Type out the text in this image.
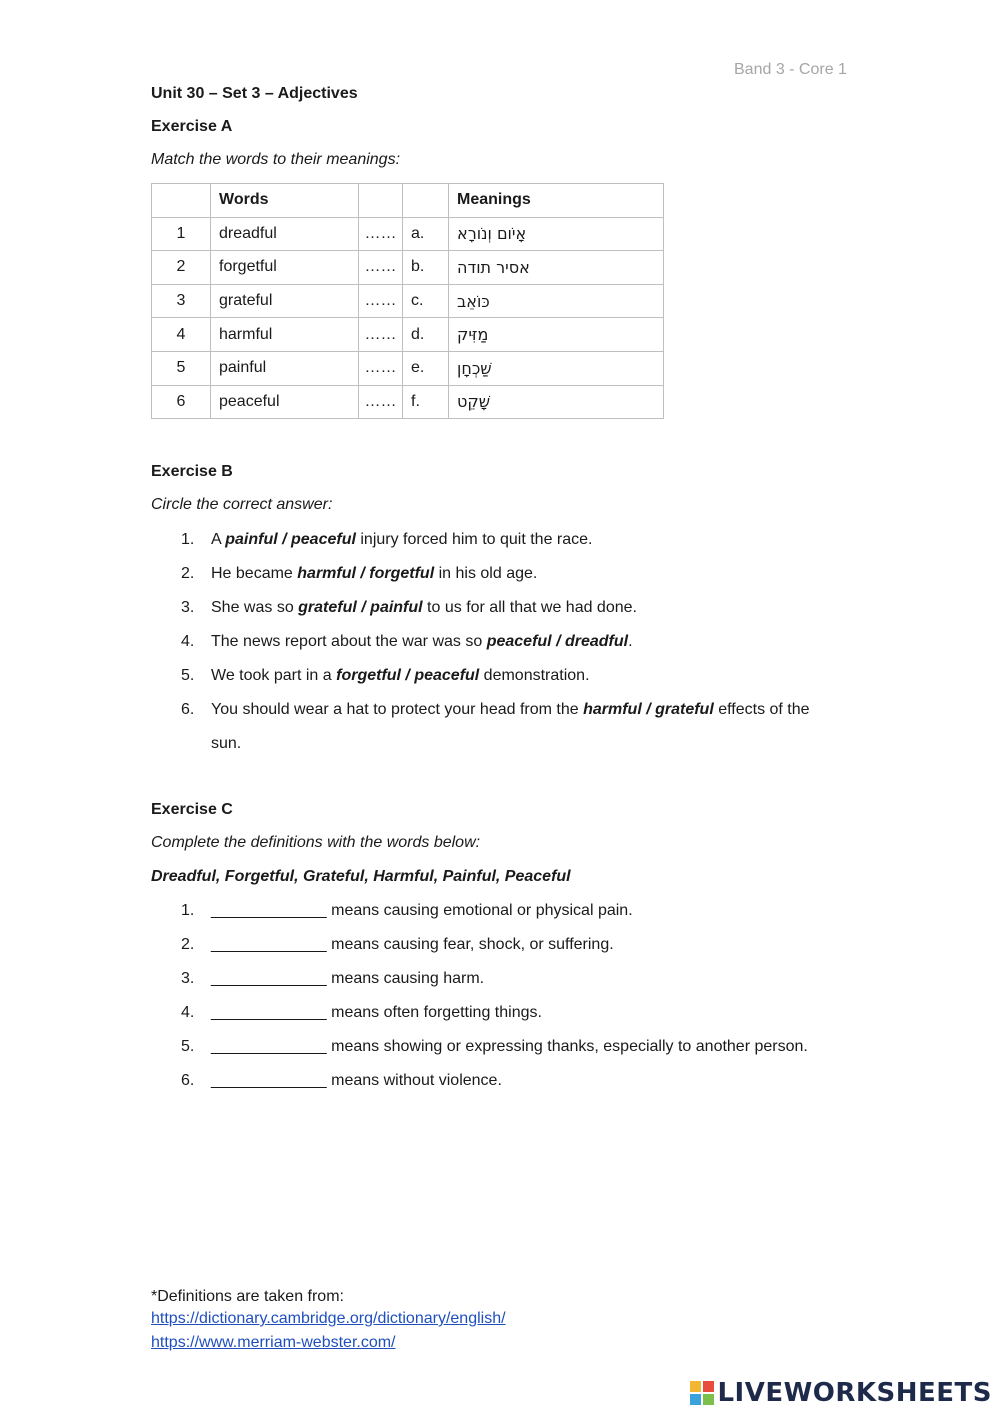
Band 3 - Core 1
Unit 30 – Set 3 – Adjectives
Exercise A
Match the words to their meanings:
	Words			Meanings
1	dreadful	……	a.	אָיֹום וְנֹורָא
2	forgetful	……	b.	אסיר תודה
3	grateful	……	c.	כּוֹאֵב
4	harmful	……	d.	מַזִּיק
5	painful	……	e.	שַׁכְחָן
6	peaceful	……	f.	שָׁקֵט
Exercise B
Circle the correct answer:
1. A painful / peaceful injury forced him to quit the race.
2. He became harmful / forgetful in his old age.
3. She was so grateful / painful to us for all that we had done.
4. The news report about the war was so peaceful / dreadful.
5. We took part in a forgetful / peaceful demonstration.
6. You should wear a hat to protect your head from the harmful / grateful effects of the sun.
Exercise C
Complete the definitions with the words below:
Dreadful, Forgetful, Grateful, Harmful, Painful, Peaceful
1. _____________ means causing emotional or physical pain.
2. _____________ means causing fear, shock, or suffering.
3. _____________ means causing harm.
4. _____________ means often forgetting things.
5. _____________ means showing or expressing thanks, especially to another person.
6. _____________ means without violence.
*Definitions are taken from:
https://dictionary.cambridge.org/dictionary/english/
https://www.merriam-webster.com/
LIVEWORKSHEETS
